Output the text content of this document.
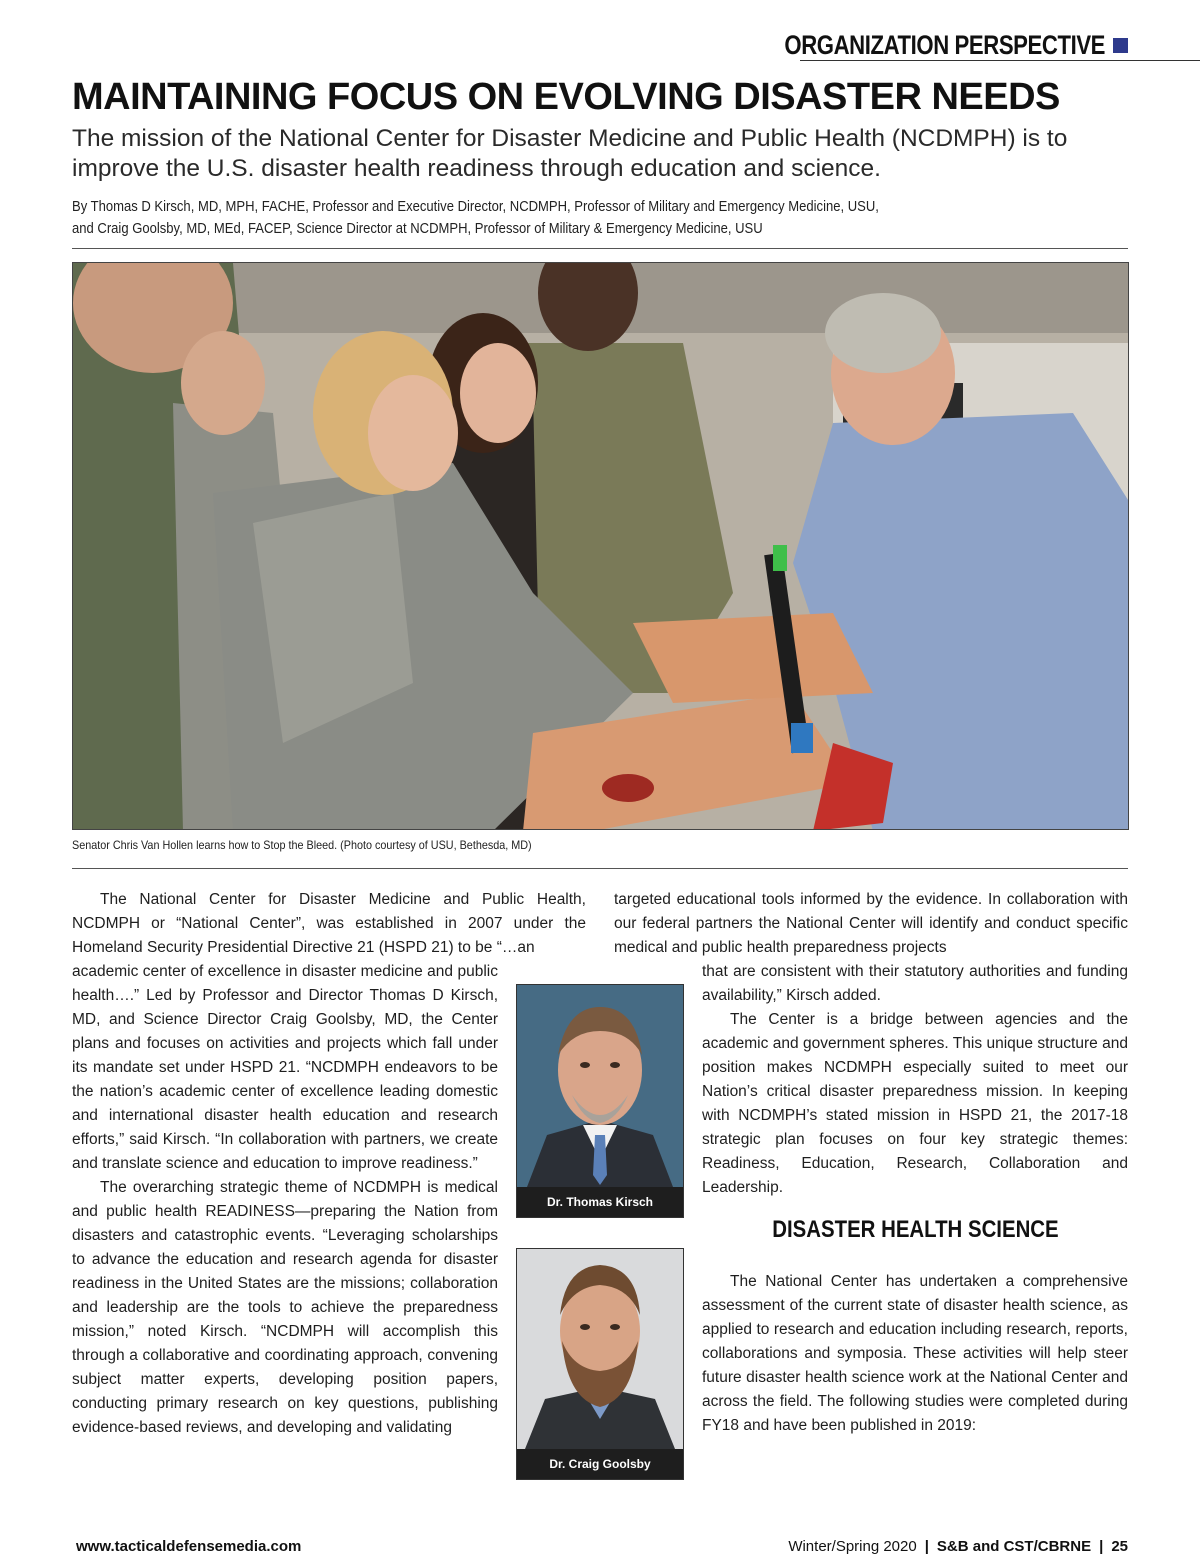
ORGANIZATION PERSPECTIVE
MAINTAINING FOCUS ON EVOLVING DISASTER NEEDS
The mission of the National Center for Disaster Medicine and Public Health (NCDMPH) is to improve the U.S. disaster health readiness through education and science.
By Thomas D Kirsch, MD, MPH, FACHE, Professor and Executive Director, NCDMPH, Professor of Military and Emergency Medicine, USU,
and Craig Goolsby, MD, MEd, FACEP, Science Director at NCDMPH, Professor of Military & Emergency Medicine, USU
Senator Chris Van Hollen learns how to Stop the Bleed. (Photo courtesy of USU, Bethesda, MD)

The National Center for Disaster Medicine and Public Health, NCDMPH or “National Center”, was established in 2007 under the Homeland Security Presidential Directive 21 (HSPD 21) to be “…an

academic center of excellence in disaster medicine and public health….” Led by Professor and Director Thomas D Kirsch, MD, and Science Director Craig Goolsby, MD, the Center plans and focuses on activities and projects which fall under its mandate set under HSPD 21. “NCDMPH endeavors to be the nation’s academic center of excellence leading domestic and international disaster health education and research efforts,” said Kirsch. “In collaboration with partners, we create and translate science and education to improve readiness.”

The overarching strategic theme of NCDMPH is medical and public health READINESS—preparing the Nation from disasters and catastrophic events. “Leveraging scholarships to advance the education and research agenda for disaster readiness in the United States are the missions; collaboration and leadership are the tools to achieve the preparedness mission,” noted Kirsch. “NCDMPH will accomplish this through a collaborative and coordinating approach, convening subject matter experts, developing position papers, conducting primary research on key questions, publishing evidence-based reviews, and developing and validating

targeted educational tools informed by the evidence. In collaboration with our federal partners the National Center will identify and conduct specific medical and public health preparedness projects

that are consistent with their statutory authorities and funding availability,” Kirsch added.

The Center is a bridge between agencies and the academic and government spheres. This unique structure and position makes NCDMPH especially suited to meet our Nation’s critical disaster preparedness mission. In keeping with NCDMPH’s stated mission in HSPD 21, the 2017-18 strategic plan focuses on four key strategic themes: Readiness, Education, Research, Collaboration and Leadership.

DISASTER HEALTH SCIENCE

The National Center has undertaken a comprehensive assessment of the current state of disaster health science, as applied to research and education including research, reports, collaborations and symposia. These activities will help steer future disaster health science work at the National Center and across the field. The following studies were completed during FY18 and have been published in 2019:

Dr. Thomas Kirsch
Dr. Craig Goolsby
www.tacticaldefensemedia.com	Winter/Spring 2020 | S&B and CST/CBRNE | 25
